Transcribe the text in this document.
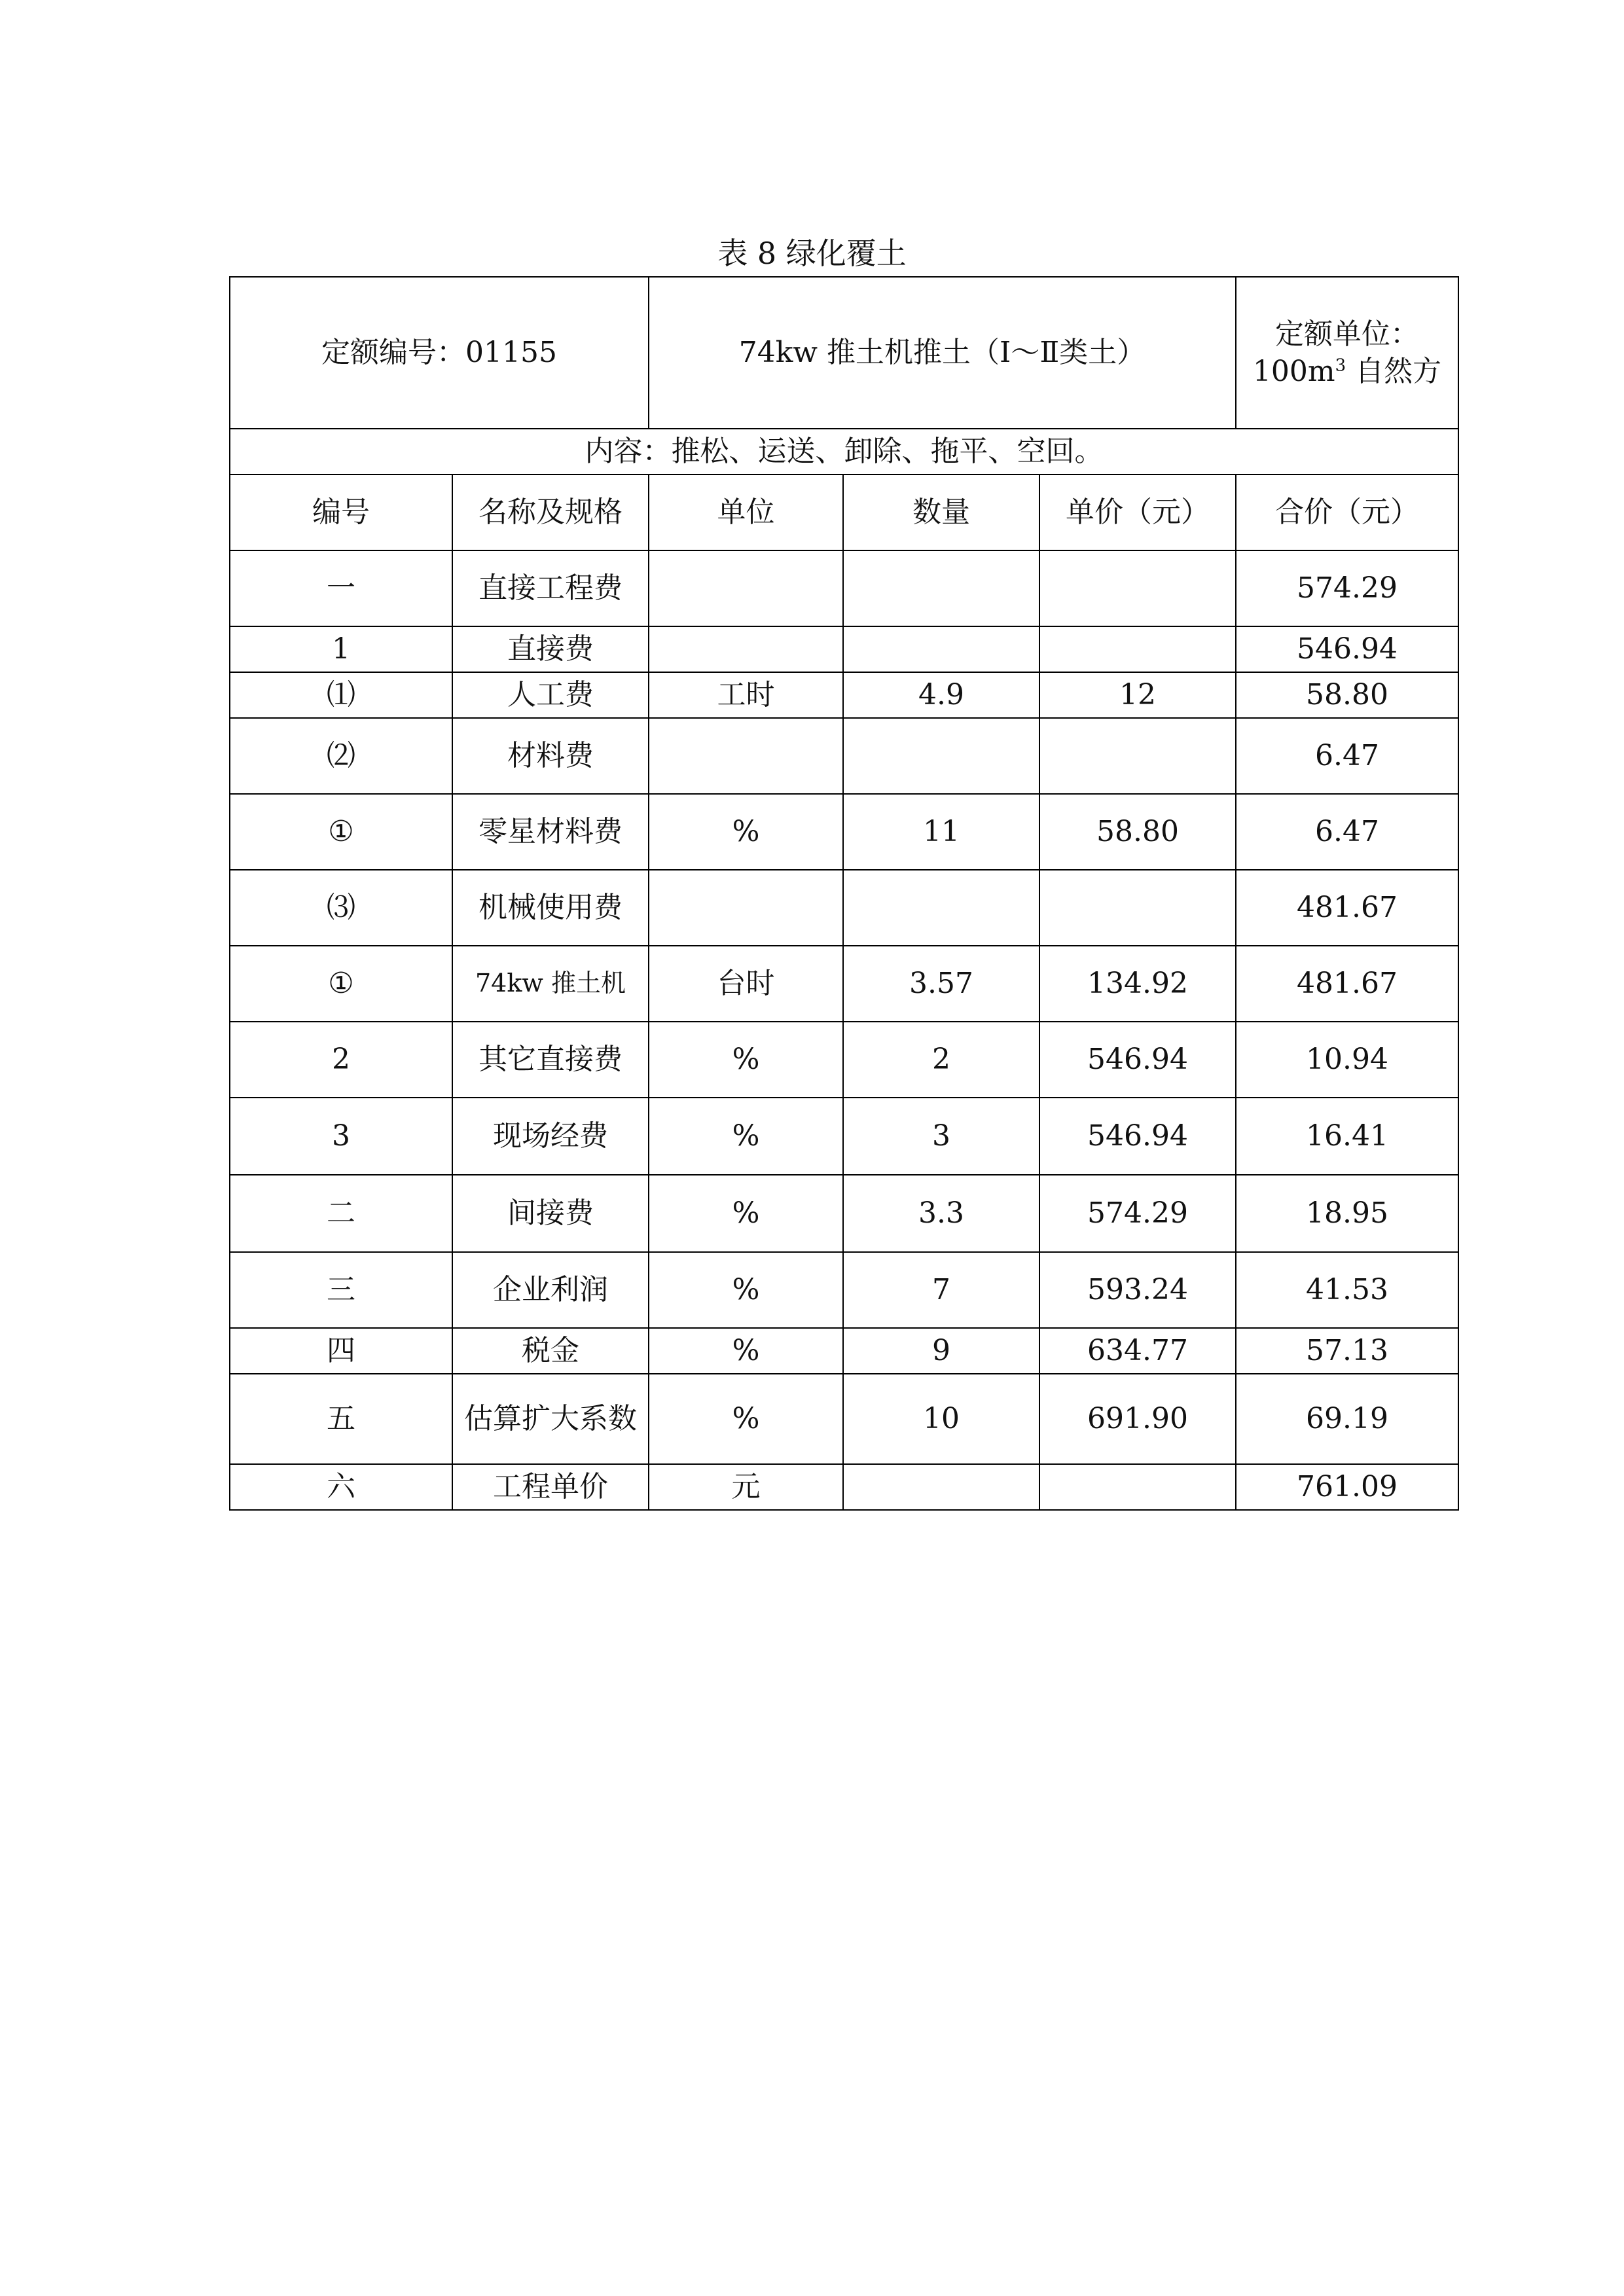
表 8 绿化覆土
定额编号：01155		74kw 推土机推土（Ⅰ～Ⅱ类土）			定额单位：
$100m^3$ 自然方

内容：推松、运送、卸除、拖平、空回。					
编号	名称及规格	单位	数量	单价（元）	合价（元）
一	直接工程费				574.29
1	直接费				546.94
⑴	人工费	工时	4.9	12	58.80
⑵	材料费				6.47
①	零星材料费	%	11	58.80	6.47
⑶	机械使用费				481.67
①	74kw 推土机	台时	3.57	134.92	481.67
2	其它直接费	%	2	546.94	10.94
3	现场经费	%	3	546.94	16.41
二	间接费	%	3.3	574.29	18.95
三	企业利润	%	7	593.24	41.53
四	税金	%	9	634.77	57.13
五	估算扩大系数	%	10	691.90	69.19
六	工程单价	元			761.09
